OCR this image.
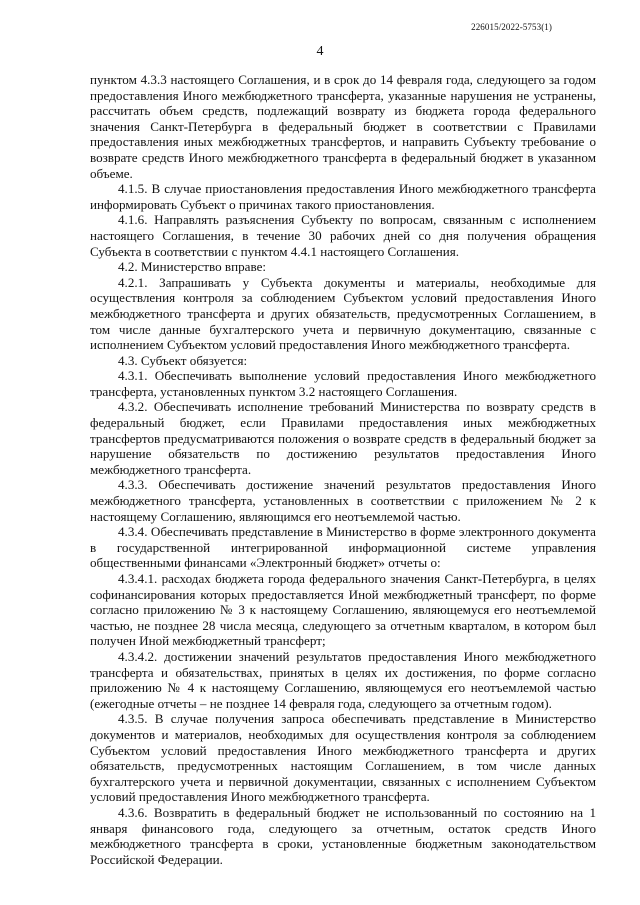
226015/2022-5753(1)
4

пунктом 4.3.3 настоящего Соглашения, и в срок до 14 февраля года, следующего за годом предоставления Иного межбюджетного трансферта, указанные нарушения не устранены, рассчитать объем средств, подлежащий возврату из бюджета города федерального значения Санкт-Петербурга в федеральный бюджет в соответствии с Правилами предоставления иных межбюджетных трансфертов, и направить Субъекту требование о возврате средств Иного межбюджетного трансферта в федеральный бюджет в указанном объеме.

4.1.5. В случае приостановления предоставления Иного межбюджетного трансферта информировать Субъект о причинах такого приостановления.

4.1.6. Направлять разъяснения Субъекту по вопросам, связанным с исполнением настоящего Соглашения, в течение 30 рабочих дней со дня получения обращения Субъекта в соответствии с пунктом 4.4.1 настоящего Соглашения.

4.2. Министерство вправе:

4.2.1. Запрашивать у Субъекта документы и материалы, необходимые для осуществления контроля за соблюдением Субъектом условий предоставления Иного межбюджетного трансферта и других обязательств, предусмотренных Соглашением, в том числе данные бухгалтерского учета и первичную документацию, связанные с исполнением Субъектом условий предоставления Иного межбюджетного трансферта.

4.3. Субъект обязуется:

4.3.1. Обеспечивать выполнение условий предоставления Иного межбюджетного трансферта, установленных пунктом 3.2 настоящего Соглашения.

4.3.2. Обеспечивать исполнение требований Министерства по возврату средств в федеральный бюджет, если Правилами предоставления иных межбюджетных трансфертов предусматриваются положения о возврате средств в федеральный бюджет за нарушение обязательств по достижению результатов предоставления Иного межбюджетного трансферта.

4.3.3. Обеспечивать достижение значений результатов предоставления Иного межбюджетного трансферта, установленных в соответствии с приложением № 2 к настоящему Соглашению, являющимся его неотъемлемой частью.

4.3.4. Обеспечивать представление в Министерство в форме электронного документа в государственной интегрированной информационной системе управления общественными финансами «Электронный бюджет» отчеты о:

4.3.4.1. расходах бюджета города федерального значения Санкт-Петербурга, в целях софинансирования которых предоставляется Иной межбюджетный трансферт, по форме согласно приложению № 3 к настоящему Соглашению, являющемуся его неотъемлемой частью, не позднее 28 числа месяца, следующего за отчетным кварталом, в котором был получен Иной межбюджетный трансферт;

4.3.4.2. достижении значений результатов предоставления Иного межбюджетного трансферта и обязательствах, принятых в целях их достижения, по форме согласно приложению № 4 к настоящему Соглашению, являющемуся его неотъемлемой частью (ежегодные отчеты – не позднее 14 февраля года, следующего за отчетным годом).

4.3.5. В случае получения запроса обеспечивать представление в Министерство документов и материалов, необходимых для осуществления контроля за соблюдением Субъектом условий предоставления Иного межбюджетного трансферта и других обязательств, предусмотренных настоящим Соглашением, в том числе данных бухгалтерского учета и первичной документации, связанных с исполнением Субъектом условий предоставления Иного межбюджетного трансферта.

4.3.6. Возвратить в федеральный бюджет не использованный по состоянию на 1 января финансового года, следующего за отчетным, остаток средств Иного межбюджетного трансферта в сроки, установленные бюджетным законодательством Российской Федерации.
